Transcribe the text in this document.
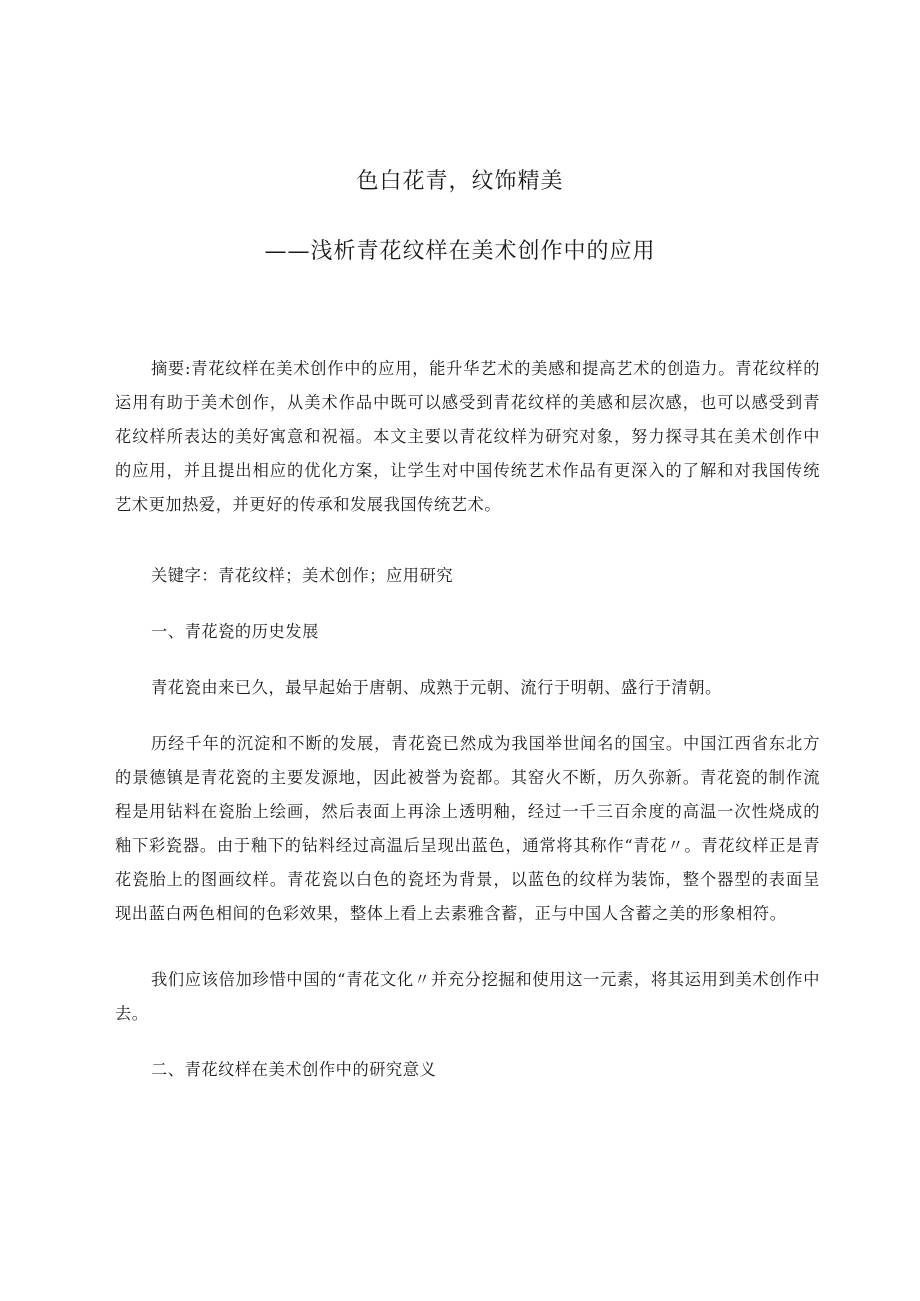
色白花青，纹饰精美
——浅析青花纹样在美术创作中的应用

摘要:青花纹样在美术创作中的应用，能升华艺术的美感和提高艺术的创造力。青花纹样的运用有助于美术创作，从美术作品中既可以感受到青花纹样的美感和层次感，也可以感受到青花纹样所表达的美好寓意和祝福。本文主要以青花纹样为研究对象，努力探寻其在美术创作中的应用，并且提出相应的优化方案，让学生对中国传统艺术作品有更深入的了解和对我国传统艺术更加热爱，并更好的传承和发展我国传统艺术。

关键字：青花纹样；美术创作；应用研究

一、青花瓷的历史发展

青花瓷由来已久，最早起始于唐朝、成熟于元朝、流行于明朝、盛行于清朝。

历经千年的沉淀和不断的发展，青花瓷已然成为我国举世闻名的国宝。中国江西省东北方的景德镇是青花瓷的主要发源地，因此被誉为瓷都。其窑火不断，历久弥新。青花瓷的制作流程是用钻料在瓷胎上绘画，然后表面上再涂上透明釉，经过一千三百余度的高温一次性烧成的釉下彩瓷器。由于釉下的钻料经过高温后呈现出蓝色，通常将其称作“青花〃。青花纹样正是青花瓷胎上的图画纹样。青花瓷以白色的瓷坯为背景，以蓝色的纹样为装饰，整个器型的表面呈现出蓝白两色相间的色彩效果，整体上看上去素雅含蓄，正与中国人含蓄之美的形象相符。

我们应该倍加珍惜中国的“青花文化〃并充分挖掘和使用这一元素，将其运用到美术创作中去。

二、青花纹样在美术创作中的研究意义
